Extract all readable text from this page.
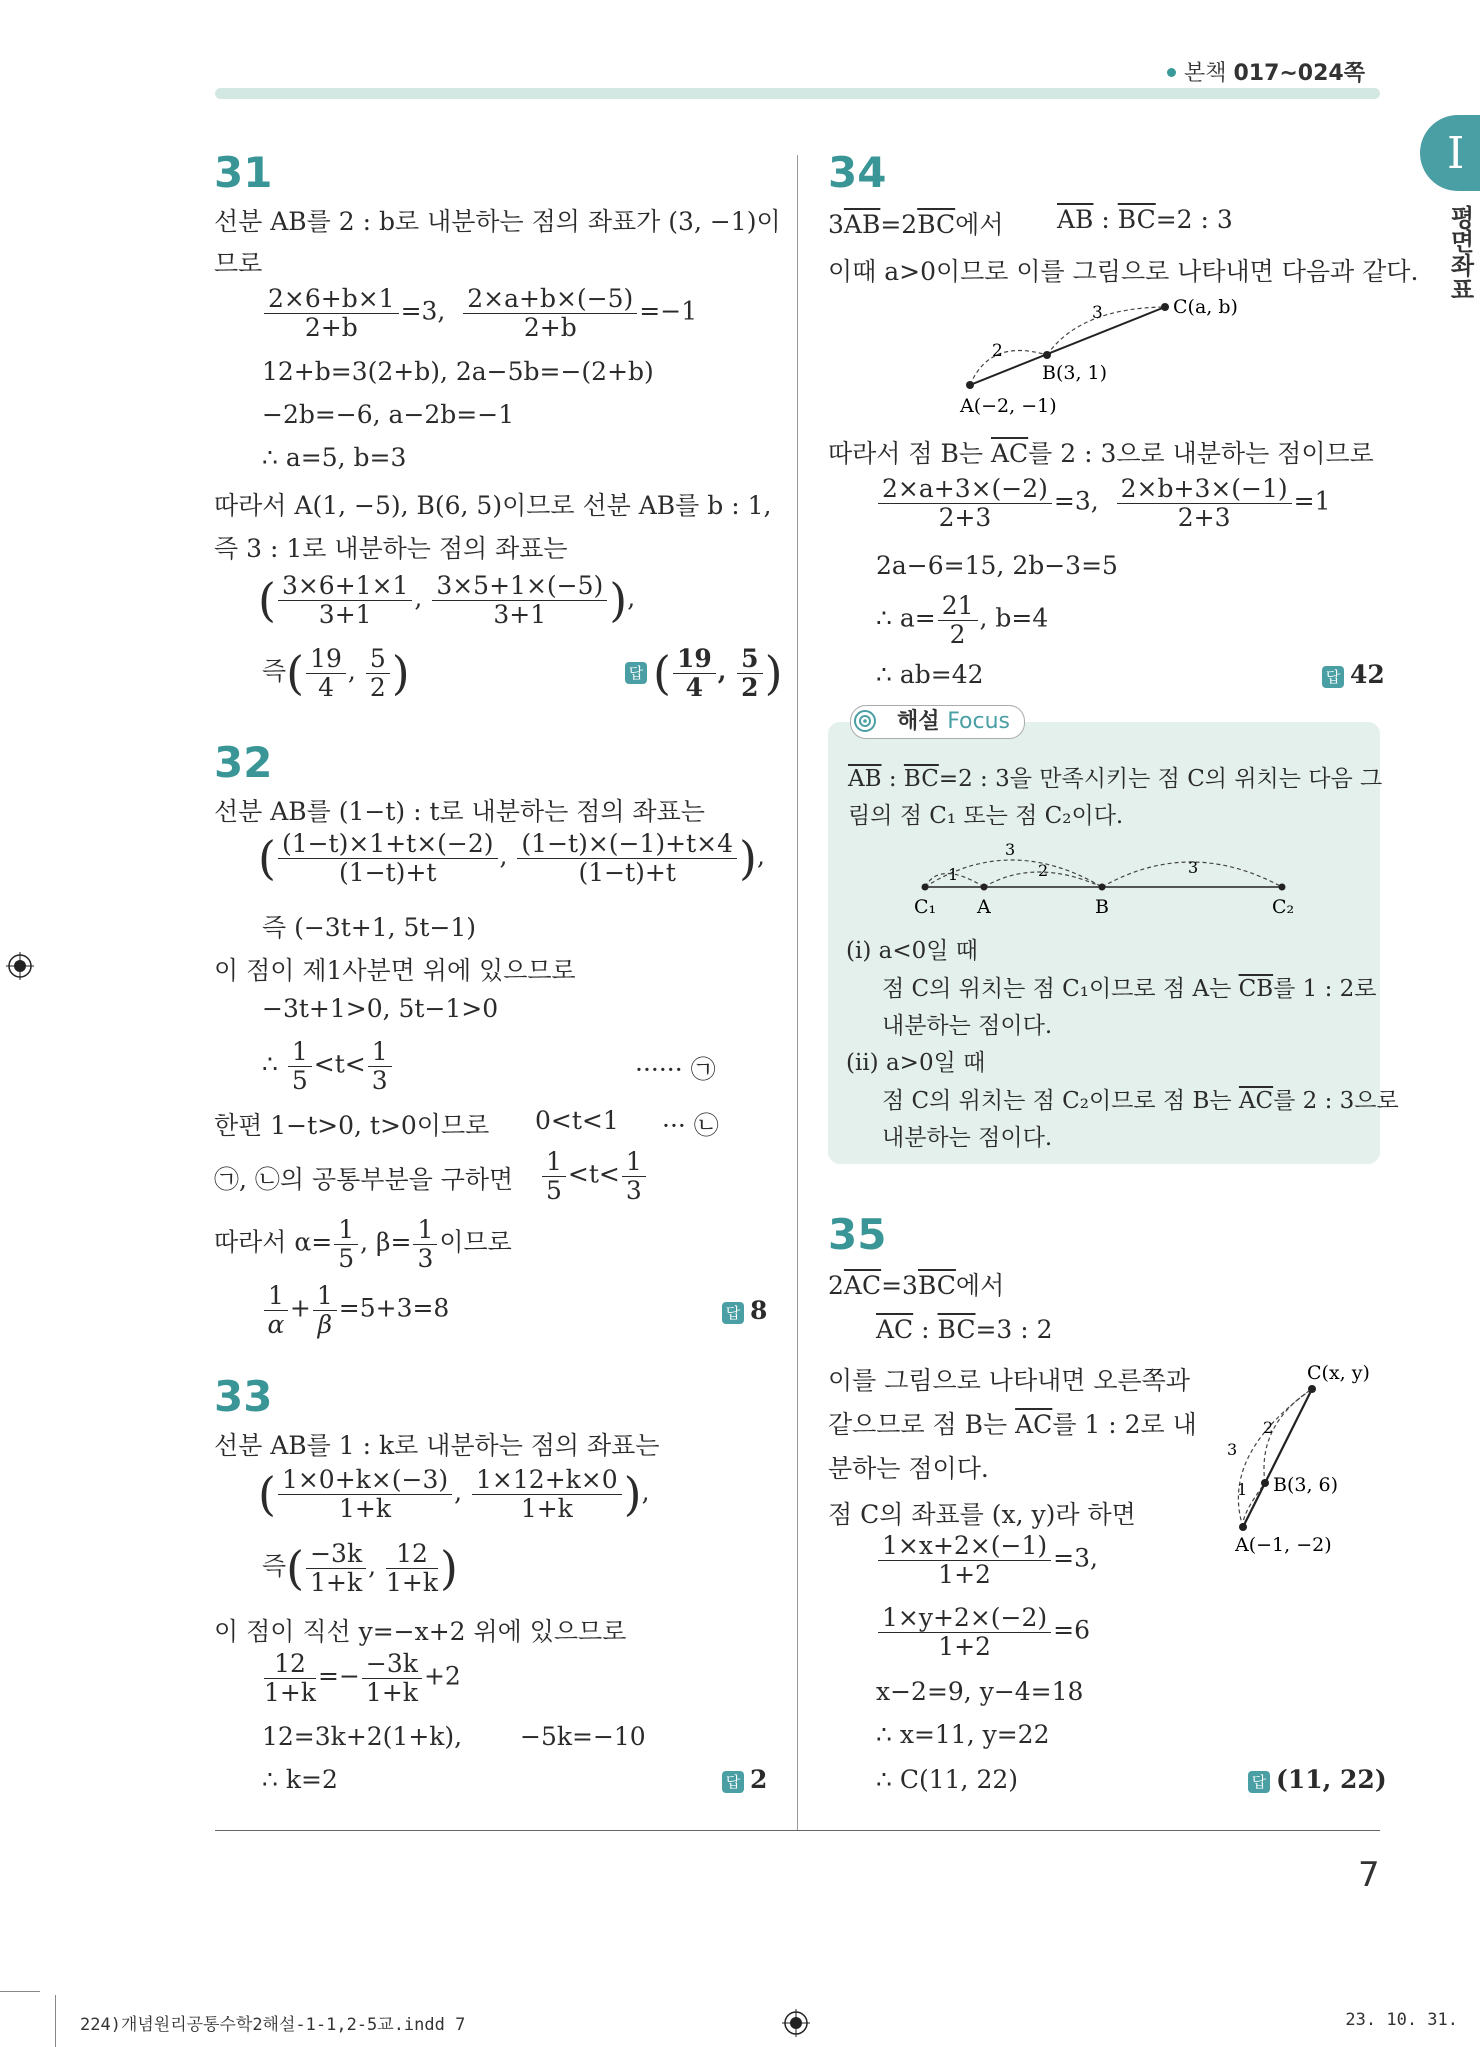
본책 017~024쪽
I
평면좌표
31
선분 AB를 2 : b로 내분하는 점의 좌표가 (3, −1)이
므로
$\frac{2\times 6+b\times 1}{2+b} =3$, $\frac{2\times a+b\times(-5)}{2+b} =-1$
12+b=3(2+b), 2a−5b=−(2+b)
−2b=−6, a−2b=−1
∴ a=5, b=3
따라서 A(1, −5), B(6, 5)이므로 선분 AB를 b : 1,
즉 3 : 1로 내분하는 점의 좌표는
( $\frac{3\times 6+1\times 1}{3+1}$ , $\frac{3\times 5+1\times(-5)}{3+1}$ ),
즉( $\frac{19}{4}$ , $\frac{5}{2}$ )	답 ( $\frac{19}{4}$ , $\frac{5}{2}$ )
32
선분 AB를 (1−t) : t로 내분하는 점의 좌표는
( $\frac{(1-t)\times 1+t\times(-2)}{(1-t)+t}$ , $\frac{(1-t)\times(-1)+t\times 4}{(1-t)+t}$ ),
즉 (−3t+1, 5t−1)
이 점이 제1사분면 위에 있으므로
−3t+1>0, 5t−1>0
∴ $\frac{1}{5} <t< \frac{1}{3}$	······ ㉠
한편 1−t>0, t>0이므로 0<t<1 ··· ㉡
㉠, ㉡의 공통부분을 구하면 $\frac{1}{5} <t< \frac{1}{3}$
따라서 $\alpha= \frac{1}{5}$ , $\beta= \frac{1}{3}$ 이므로
$\frac{1}{\alpha} + \frac{1}{\beta} =5+3=8$	답 8
33
선분 AB를 1 : k로 내분하는 점의 좌표는
( $\frac{1\times 0+k\times(-3)}{1+k}$ , $\frac{1\times 12+k\times 0}{1+k}$ ),
즉( $\frac{-3k}{1+k}$ , $\frac{12}{1+k}$ )
이 점이 직선 y=−x+2 위에 있으므로
$\frac{12}{1+k} =- \frac{-3k}{1+k} +2$
12=3k+2(1+k), −5k=−10
∴ k=2	답 2
34
$3\overline{AB}=2\overline{BC}$에서 $\overline{AB}$ : $\overline{BC}=2$ : 3
이때 a>0이므로 이를 그림으로 나타내면 다음과 같다.
2
3
A(−2, −1)
B(3, 1)
C(a, b)
따라서 점 B는 $\overline{AC}$를 2 : 3으로 내분하는 점이므로
$\frac{2\times a+3\times(-2)}{2+3} =3$, $\frac{2\times b+3\times(-1)}{2+3} =1$
2a−6=15, 2b−3=5
∴ $a= \frac{21}{2}$ , b=4
∴ ab=42	답 42
해설 Focus
$\overline{AB}$ : $\overline{BC}=2$ : 3을 만족시키는 점 C의 위치는 다음 그
림의 점 C₁ 또는 점 C₂이다.
1	2
3
3
C₁ A	B	C₂
(ⅰ) a<0일 때
점 C의 위치는 점 C₁이므로 점 A는 $\overline{CB}$를 1 : 2로
내분하는 점이다.
(ⅱ) a>0일 때
점 C의 위치는 점 C₂이므로 점 B는 $\overline{AC}$를 2 : 3으로
내분하는 점이다.
35
$2\overline{AC}=3\overline{BC}$에서
$\overline{AC}$ : $\overline{BC}=3$ : 2
이를 그림으로 나타내면 오른쪽과
같으므로 점 B는 $\overline{AC}$를 1 : 2로 내
분하는 점이다.
점 C의 좌표를 (x, y)라 하면
3
2
1
C(x, y)
B(3, 6)
A(−1, −2)
$\frac{1\times x+2\times(-1)}{1+2} =3$,
$\frac{1\times y+2\times(-2)}{1+2} =6$
x−2=9, y−4=18
∴ x=11, y=22
∴ C(11, 22)	답 (11, 22)
7
224)개념원리공통수학2해설-1-1,2-5교.indd 7	23. 10. 31.
